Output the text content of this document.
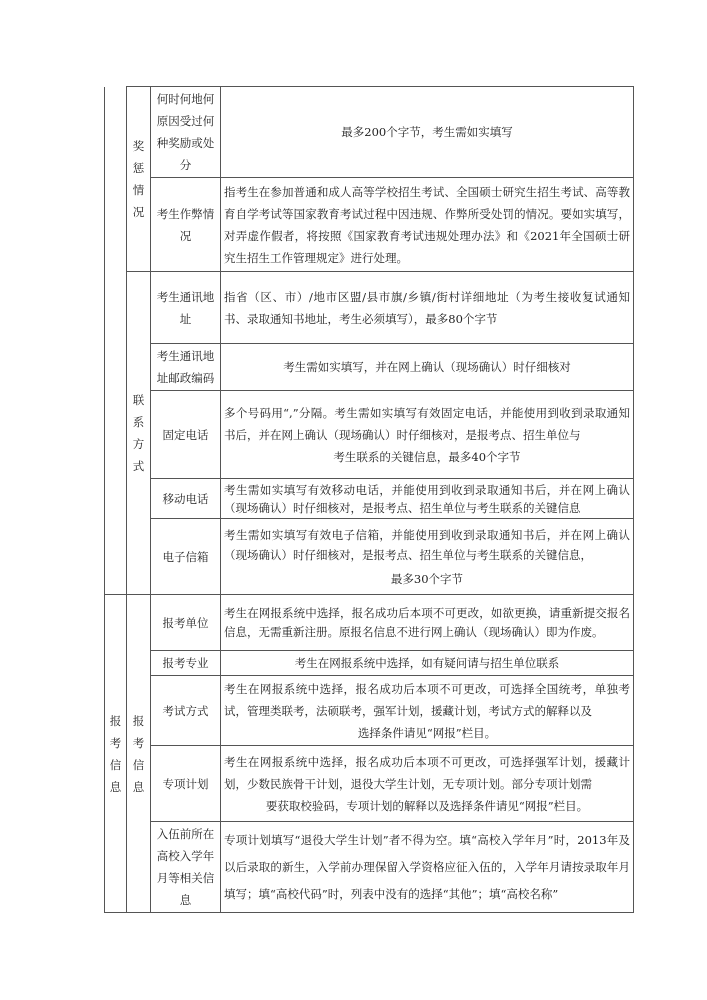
	奖惩情况	何时何地何原因受过何种奖励或处分	最多200个字节，考生需如实填写
		考生作弊情况	指考生在参加普通和成人高等学校招生考试、全国硕士研究生招生考试、高等教育自学考试等国家教育考试过程中因违规、作弊所受处罚的情况。要如实填写，对弄虚作假者，将按照《国家教育考试违规处理办法》和《2021年全国硕士研究生招生工作管理规定》进行处理。
	联系方式	考生通讯地址	指省（区、市）/地市区盟/县市旗/乡镇/街村详细地址（为考生接收复试通知书、录取通知书地址，考生必须填写），最多80个字节
		考生通讯地址邮政编码	考生需如实填写，并在网上确认（现场确认）时仔细核对
		固定电话	多个号码用“,”分隔。考生需如实填写有效固定电话，并能使用到收到录取通知书后，并在网上确认（现场确认）时仔细核对，是报考点、招生单位与
考生联系的关键信息，最多40个字节

		移动电话	考生需如实填写有效移动电话，并能使用到收到录取通知书后，并在网上确认（现场确认）时仔细核对，是报考点、招生单位与考生联系的关键信息
		电子信箱	考生需如实填写有效电子信箱，并能使用到收到录取通知书后，并在网上确认（现场确认）时仔细核对，是报考点、招生单位与考生联系的关键信息，
最多30个字节

报考信息	报考信息	报考单位	考生在网报系统中选择，报名成功后本项不可更改，如欲更换，请重新提交报名信息，无需重新注册。原报名信息不进行网上确认（现场确认）即为作废。
		报考专业	考生在网报系统中选择，如有疑问请与招生单位联系
		考试方式	考生在网报系统中选择，报名成功后本项不可更改，可选择全国统考，单独考试，管理类联考，法硕联考，强军计划，援藏计划，考试方式的解释以及
选择条件请见“网报”栏目。

		专项计划	考生在网报系统中选择，报名成功后本项不可更改，可选择强军计划，援藏计划，少数民族骨干计划，退役大学生计划，无专项计划。部分专项计划需
要获取校验码，专项计划的解释以及选择条件请见“网报”栏目。

		入伍前所在高校入学年月等相关信息	专项计划填写“退役大学生计划”者不得为空。填“高校入学年月”时，2013年及以后录取的新生，入学前办理保留入学资格应征入伍的，入学年月请按录取年月填写；填“高校代码”时，列表中没有的选择“其他”；填“高校名称”
